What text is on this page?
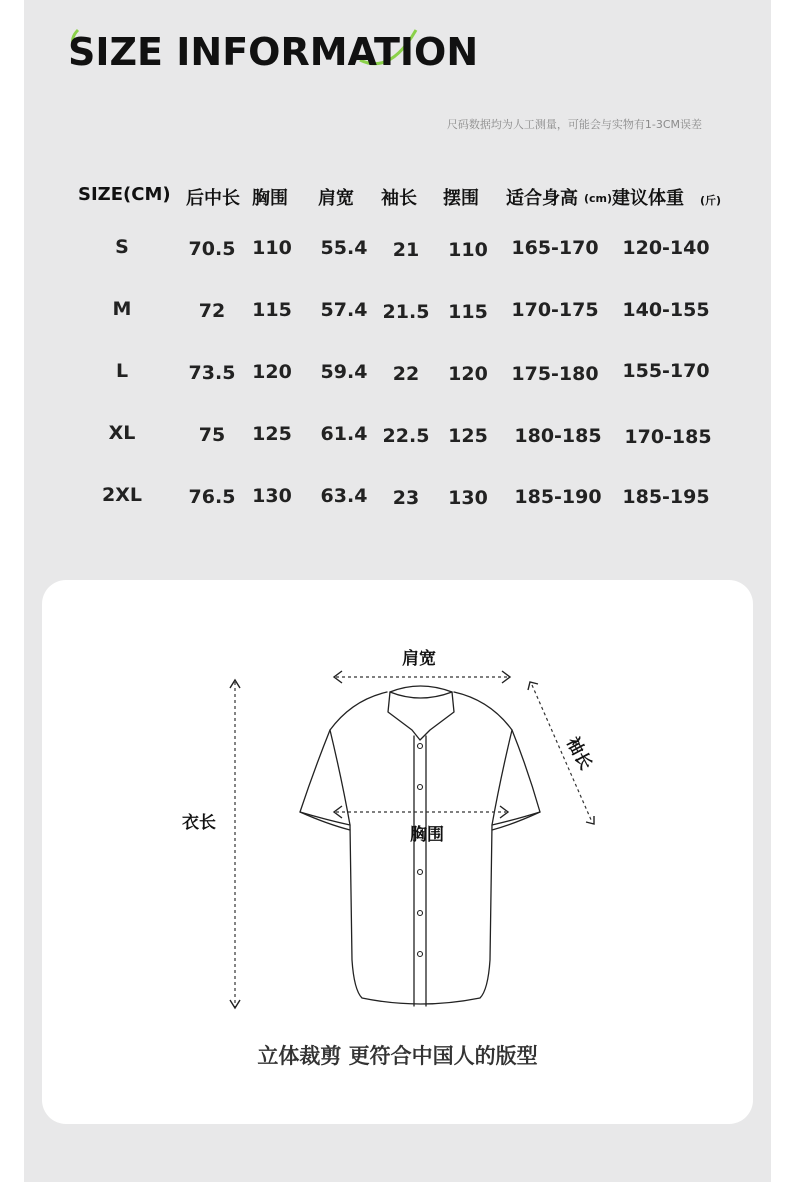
SIZE INFORMATION
尺码数据均为人工测量，可能会与实物有1-3CM误差
SIZE(CM) 后中长 胸围 肩宽 袖长 摆围 适合身高 (cm) 建议体重 (斤)
S	70.5 110 55.4 21 110 165-170 120-140
M	72 115 57.4 21.5 115 170-175 140-155
L	73.5 120 59.4 22 120 175-180 155-170
XL	75 125 61.4 22.5 125 180-185 170-185
2XL 76.5 130 63.4 23 130 185-190 185-195
肩宽
袖长
衣长
胸围
立体裁剪 更符合中国人的版型
